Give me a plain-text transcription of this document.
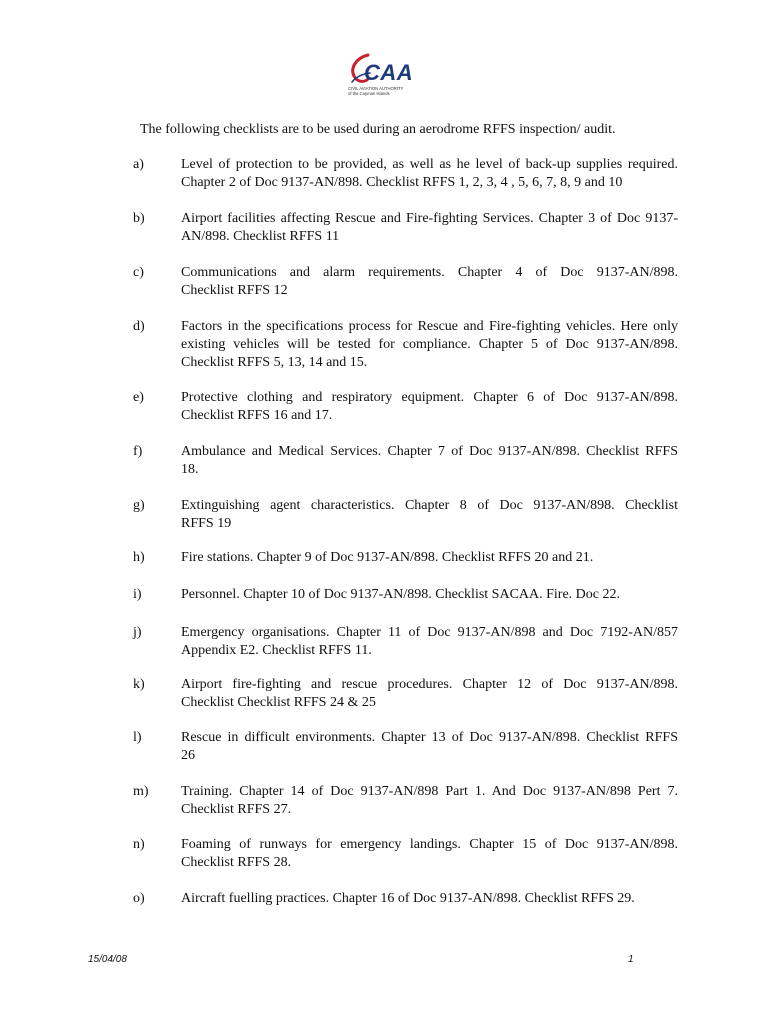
CAA
CIVIL AVIATION AUTHORITY
of the Cayman Islands
The following checklists are to be used during an aerodrome RFFS inspection/ audit.
a)	Level of protection to be provided, as well as he level of back-up supplies required.
Chapter 2 of Doc 9137-AN/898. Checklist RFFS 1, 2, 3, 4 , 5, 6, 7, 8, 9 and 10
b)	Airport facilities affecting Rescue and Fire-fighting Services. Chapter 3 of Doc 9137-
AN/898. Checklist RFFS 11
c)	Communications and alarm requirements. Chapter 4 of Doc 9137-AN/898.
Checklist RFFS 12
d)	Factors in the specifications process for Rescue and Fire-fighting vehicles. Here only
existing vehicles will be tested for compliance. Chapter 5 of Doc 9137-AN/898.
Checklist RFFS 5, 13, 14 and 15.
e)	Protective clothing and respiratory equipment. Chapter 6 of Doc 9137-AN/898.
Checklist RFFS 16 and 17.
f)	Ambulance and Medical Services. Chapter 7 of Doc 9137-AN/898. Checklist RFFS
18.
g)	Extinguishing agent characteristics. Chapter 8 of Doc 9137-AN/898. Checklist
RFFS 19
h)	Fire stations. Chapter 9 of Doc 9137-AN/898. Checklist RFFS 20 and 21.
i)	Personnel. Chapter 10 of Doc 9137-AN/898. Checklist SACAA. Fire. Doc 22.
j)	Emergency organisations. Chapter 11 of Doc 9137-AN/898 and Doc 7192-AN/857
Appendix E2. Checklist RFFS 11.
k)	Airport fire-fighting and rescue procedures. Chapter 12 of Doc 9137-AN/898.
Checklist Checklist RFFS 24 & 25
l)	Rescue in difficult environments. Chapter 13 of Doc 9137-AN/898. Checklist RFFS
26
m) Training. Chapter 14 of Doc 9137-AN/898 Part 1. And Doc 9137-AN/898 Pert 7.
Checklist RFFS 27.
n)	Foaming of runways for emergency landings. Chapter 15 of Doc 9137-AN/898.
Checklist RFFS 28.
o)	Aircraft fuelling practices. Chapter 16 of Doc 9137-AN/898. Checklist RFFS 29.
15/04/08	1
